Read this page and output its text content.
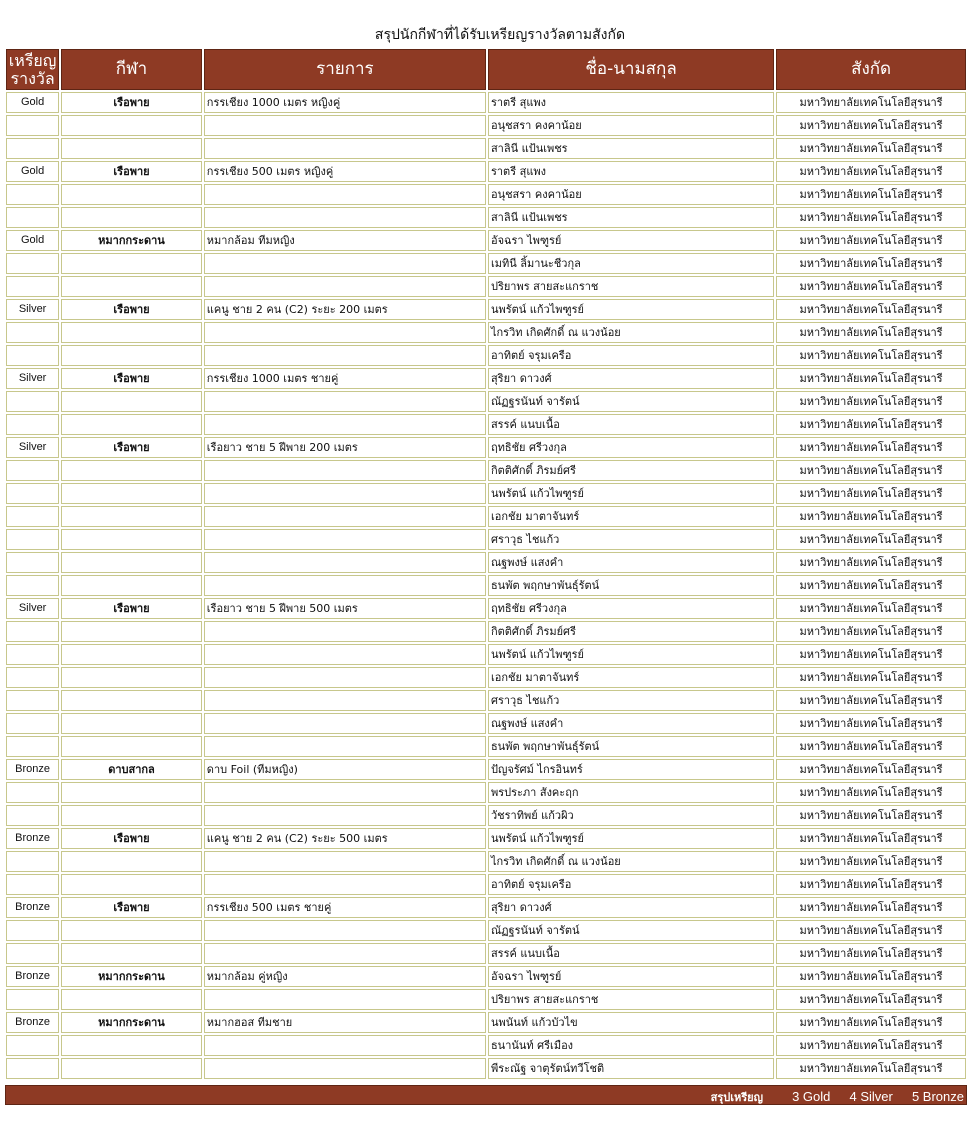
สรุปนักกีฬาที่ได้รับเหรียญรางวัลตามสังกัด
เหรียญรางวัล	กีฬา	รายการ	ชื่อ-นามสกุล	สังกัด
Gold	เรือพาย	กรรเชียง 1000 เมตร หญิงคู่	ราตรี สุแพง	มหาวิทยาลัยเทคโนโลยีสุรนารี
			อนุชสรา คงคาน้อย	มหาวิทยาลัยเทคโนโลยีสุรนารี
			สาลินี แป้นเพชร	มหาวิทยาลัยเทคโนโลยีสุรนารี
Gold	เรือพาย	กรรเชียง 500 เมตร หญิงคู่	ราตรี สุแพง	มหาวิทยาลัยเทคโนโลยีสุรนารี
			อนุชสรา คงคาน้อย	มหาวิทยาลัยเทคโนโลยีสุรนารี
			สาลินี แป้นเพชร	มหาวิทยาลัยเทคโนโลยีสุรนารี
Gold	หมากกระดาน	หมากล้อม ทีมหญิง	อัจฉรา ไพฑูรย์	มหาวิทยาลัยเทคโนโลยีสุรนารี
			เมทินี ลิ้มานะชีวกุล	มหาวิทยาลัยเทคโนโลยีสุรนารี
			ปริยาพร สายสะแกราช	มหาวิทยาลัยเทคโนโลยีสุรนารี
Silver	เรือพาย	แคนู ชาย 2 คน (C2) ระยะ 200 เมตร	นพรัตน์ แก้วไพฑูรย์	มหาวิทยาลัยเทคโนโลยีสุรนารี
			ไกรวิท เกิดศักดิ์ ณ แวงน้อย	มหาวิทยาลัยเทคโนโลยีสุรนารี
			อาทิตย์ จรุมเครือ	มหาวิทยาลัยเทคโนโลยีสุรนารี
Silver	เรือพาย	กรรเชียง 1000 เมตร ชายคู่	สุริยา ดาวงศ์	มหาวิทยาลัยเทคโนโลยีสุรนารี
			ณัฏฐรนันท์ จารัตน์	มหาวิทยาลัยเทคโนโลยีสุรนารี
			สรรค์ แนบเนื้อ	มหาวิทยาลัยเทคโนโลยีสุรนารี
Silver	เรือพาย	เรือยาว ชาย 5 ฝีพาย 200 เมตร	ฤทธิชัย ศรีวงกุล	มหาวิทยาลัยเทคโนโลยีสุรนารี
			กิตติศักดิ์ ภิรมย์ศรี	มหาวิทยาลัยเทคโนโลยีสุรนารี
			นพรัตน์ แก้วไพฑูรย์	มหาวิทยาลัยเทคโนโลยีสุรนารี
			เอกชัย มาตาจันทร์	มหาวิทยาลัยเทคโนโลยีสุรนารี
			ศราวุธ ไชแก้ว	มหาวิทยาลัยเทคโนโลยีสุรนารี
			ณฐพงษ์ แสงคำ	มหาวิทยาลัยเทคโนโลยีสุรนารี
			ธนพัต พฤกษาพันธุ์รัตน์	มหาวิทยาลัยเทคโนโลยีสุรนารี
Silver	เรือพาย	เรือยาว ชาย 5 ฝีพาย 500 เมตร	ฤทธิชัย ศรีวงกุล	มหาวิทยาลัยเทคโนโลยีสุรนารี
			กิตติศักดิ์ ภิรมย์ศรี	มหาวิทยาลัยเทคโนโลยีสุรนารี
			นพรัตน์ แก้วไพฑูรย์	มหาวิทยาลัยเทคโนโลยีสุรนารี
			เอกชัย มาตาจันทร์	มหาวิทยาลัยเทคโนโลยีสุรนารี
			ศราวุธ ไชแก้ว	มหาวิทยาลัยเทคโนโลยีสุรนารี
			ณฐพงษ์ แสงคำ	มหาวิทยาลัยเทคโนโลยีสุรนารี
			ธนพัต พฤกษาพันธุ์รัตน์	มหาวิทยาลัยเทคโนโลยีสุรนารี
Bronze	ดาบสากล	ดาบ Foil (ทีมหญิง)	ปัญจรัศม์ ไกรอินทร์	มหาวิทยาลัยเทคโนโลยีสุรนารี
			พรประภา สังคะฤก	มหาวิทยาลัยเทคโนโลยีสุรนารี
			วัชราทิพย์ แก้วผิว	มหาวิทยาลัยเทคโนโลยีสุรนารี
Bronze	เรือพาย	แคนู ชาย 2 คน (C2) ระยะ 500 เมตร	นพรัตน์ แก้วไพฑูรย์	มหาวิทยาลัยเทคโนโลยีสุรนารี
			ไกรวิท เกิดศักดิ์ ณ แวงน้อย	มหาวิทยาลัยเทคโนโลยีสุรนารี
			อาทิตย์ จรุมเครือ	มหาวิทยาลัยเทคโนโลยีสุรนารี
Bronze	เรือพาย	กรรเชียง 500 เมตร ชายคู่	สุริยา ดาวงศ์	มหาวิทยาลัยเทคโนโลยีสุรนารี
			ณัฏฐรนันท์ จารัตน์	มหาวิทยาลัยเทคโนโลยีสุรนารี
			สรรค์ แนบเนื้อ	มหาวิทยาลัยเทคโนโลยีสุรนารี
Bronze	หมากกระดาน	หมากล้อม คู่หญิง	อัจฉรา ไพฑูรย์	มหาวิทยาลัยเทคโนโลยีสุรนารี
			ปริยาพร สายสะแกราช	มหาวิทยาลัยเทคโนโลยีสุรนารี
Bronze	หมากกระดาน	หมากฮอส ทีมชาย	นพนันท์ แก้วบัวไข	มหาวิทยาลัยเทคโนโลยีสุรนารี
			ธนานันท์ ศรีเมือง	มหาวิทยาลัยเทคโนโลยีสุรนารี
			พีระณัฐ จาตุรัตน์ทวีโชติ	มหาวิทยาลัยเทคโนโลยีสุรนารี
สรุปเหรียญ 3 Gold 4 Silver 5 Bronze
